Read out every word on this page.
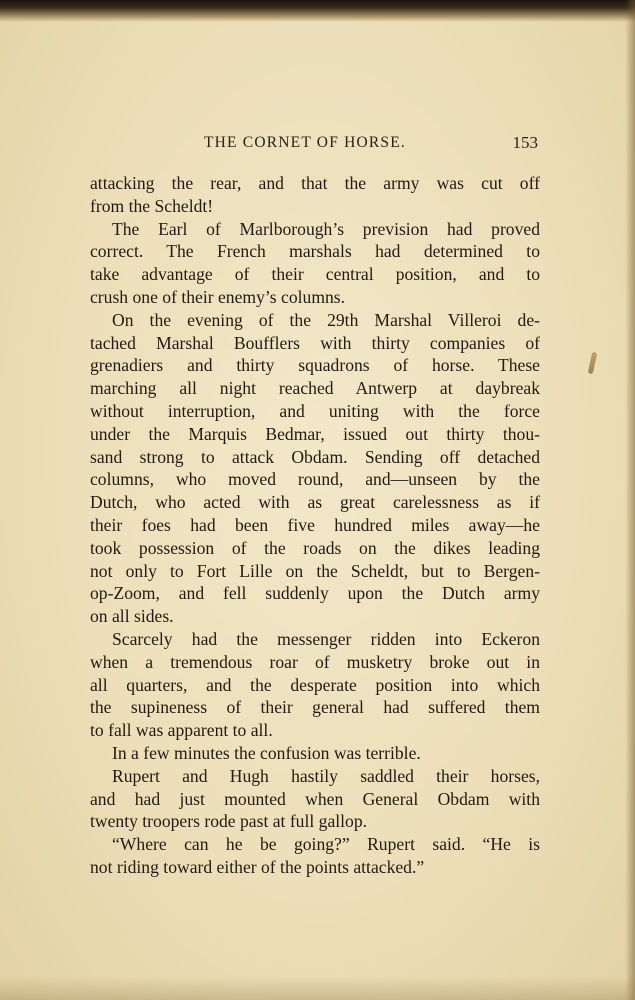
THE CORNET OF HORSE.	153
attacking the rear, and that the army was cut off
from the Scheldt!
The Earl of Marlborough’s prevision had proved
correct. The French marshals had determined to
take advantage of their central position, and to
crush one of their enemy’s columns.
On the evening of the 29th Marshal Villeroi de-
tached Marshal Boufflers with thirty companies of
grenadiers and thirty squadrons of horse. These
marching all night reached Antwerp at daybreak
without interruption, and uniting with the force
under the Marquis Bedmar, issued out thirty thou-
sand strong to attack Obdam. Sending off detached
columns, who moved round, and—unseen by the
Dutch, who acted with as great carelessness as if
their foes had been five hundred miles away—he
took possession of the roads on the dikes leading
not only to Fort Lille on the Scheldt, but to Bergen-
op-Zoom, and fell suddenly upon the Dutch army
on all sides.
Scarcely had the messenger ridden into Eckeron
when a tremendous roar of musketry broke out in
all quarters, and the desperate position into which
the supineness of their general had suffered them
to fall was apparent to all.
In a few minutes the confusion was terrible.
Rupert and Hugh hastily saddled their horses,
and had just mounted when General Obdam with
twenty troopers rode past at full gallop.
“Where can he be going?” Rupert said. “He is
not riding toward either of the points attacked.”
